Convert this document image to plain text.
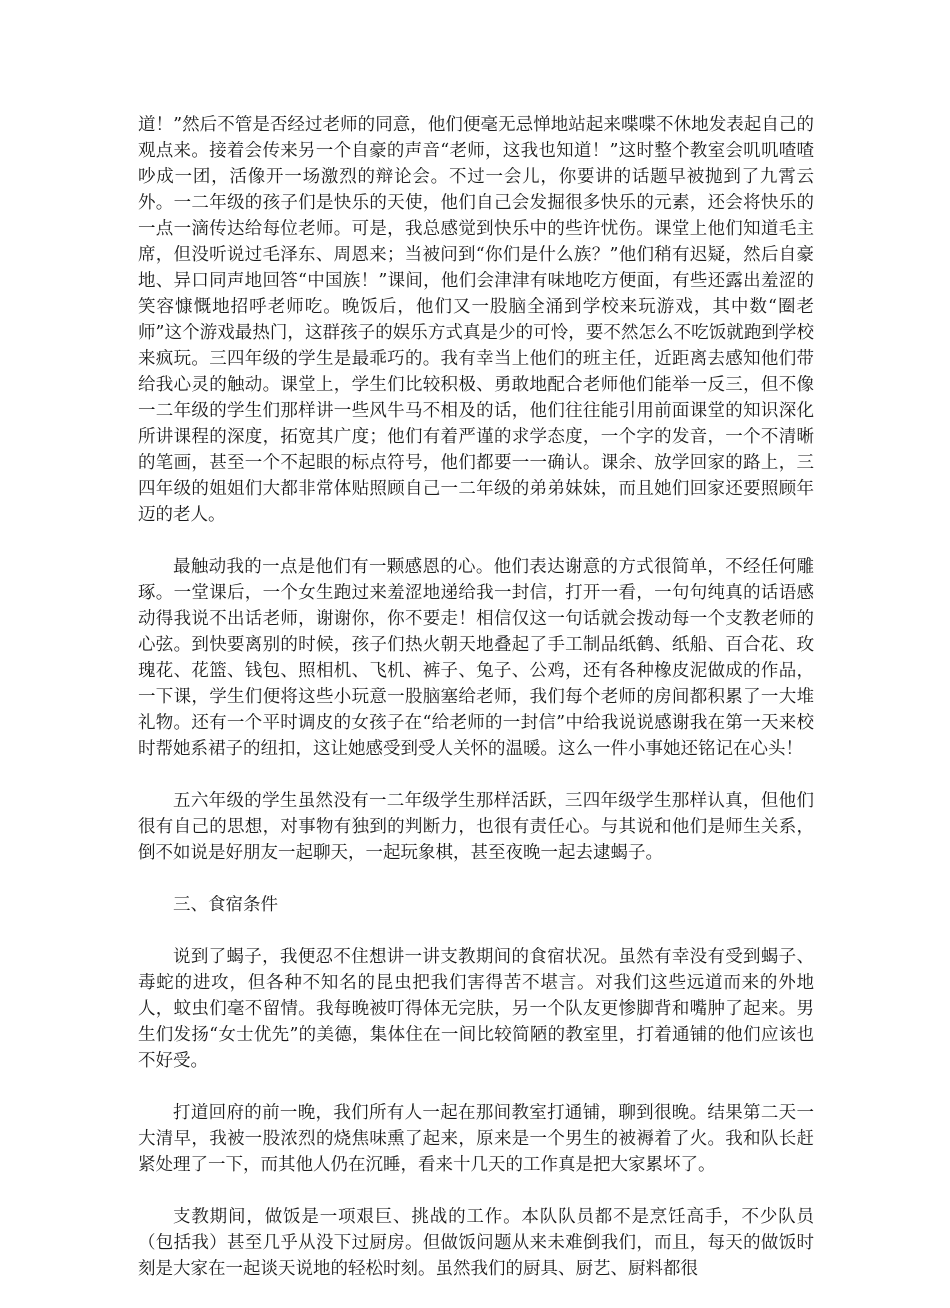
道！”然后不管是否经过老师的同意，他们便毫无忌惮地站起来喋喋不休地发表起自己的观点来。接着会传来另一个自豪的声音“老师，这我也知道！”这时整个教室会叽叽喳喳吵成一团，活像开一场激烈的辩论会。不过一会儿，你要讲的话题早被抛到了九霄云外。一二年级的孩子们是快乐的天使，他们自己会发掘很多快乐的元素，还会将快乐的一点一滴传达给每位老师。可是，我总感觉到快乐中的些许忧伤。课堂上他们知道毛主席，但没听说过毛泽东、周恩来；当被问到“你们是什么族？”他们稍有迟疑，然后自豪地、异口同声地回答“中国族！”课间，他们会津津有味地吃方便面，有些还露出羞涩的笑容慷慨地招呼老师吃。晚饭后，他们又一股脑全涌到学校来玩游戏，其中数“圈老师”这个游戏最热门，这群孩子的娱乐方式真是少的可怜，要不然怎么不吃饭就跑到学校来疯玩。三四年级的学生是最乖巧的。我有幸当上他们的班主任，近距离去感知他们带给我心灵的触动。课堂上，学生们比较积极、勇敢地配合老师他们能举一反三，但不像一二年级的学生们那样讲一些风牛马不相及的话，他们往往能引用前面课堂的知识深化所讲课程的深度，拓宽其广度；他们有着严谨的求学态度，一个字的发音，一个不清晰的笔画，甚至一个不起眼的标点符号，他们都要一一确认。课余、放学回家的路上，三四年级的姐姐们大都非常体贴照顾自己一二年级的弟弟妹妹，而且她们回家还要照顾年迈的老人。

最触动我的一点是他们有一颗感恩的心。他们表达谢意的方式很简单，不经任何雕琢。一堂课后，一个女生跑过来羞涩地递给我一封信，打开一看，一句句纯真的话语感动得我说不出话老师，谢谢你，你不要走！相信仅这一句话就会拨动每一个支教老师的心弦。到快要离别的时候，孩子们热火朝天地叠起了手工制品纸鹤、纸船、百合花、玫瑰花、花篮、钱包、照相机、飞机、裤子、兔子、公鸡，还有各种橡皮泥做成的作品，一下课，学生们便将这些小玩意一股脑塞给老师，我们每个老师的房间都积累了一大堆礼物。还有一个平时调皮的女孩子在“给老师的一封信”中给我说说感谢我在第一天来校时帮她系裙子的纽扣，这让她感受到受人关怀的温暖。这么一件小事她还铭记在心头！

五六年级的学生虽然没有一二年级学生那样活跃，三四年级学生那样认真，但他们很有自己的思想，对事物有独到的判断力，也很有责任心。与其说和他们是师生关系，倒不如说是好朋友一起聊天，一起玩象棋，甚至夜晚一起去逮蝎子。

三、食宿条件

说到了蝎子，我便忍不住想讲一讲支教期间的食宿状况。虽然有幸没有受到蝎子、毒蛇的进攻，但各种不知名的昆虫把我们害得苦不堪言。对我们这些远道而来的外地人，蚊虫们毫不留情。我每晚被叮得体无完肤，另一个队友更惨脚背和嘴肿了起来。男生们发扬“女士优先”的美德，集体住在一间比较简陋的教室里，打着通铺的他们应该也不好受。

打道回府的前一晚，我们所有人一起在那间教室打通铺，聊到很晚。结果第二天一大清早，我被一股浓烈的烧焦味熏了起来，原来是一个男生的被褥着了火。我和队长赶紧处理了一下，而其他人仍在沉睡，看来十几天的工作真是把大家累坏了。

支教期间，做饭是一项艰巨、挑战的工作。本队队员都不是烹饪高手，不少队员（包括我）甚至几乎从没下过厨房。但做饭问题从来未难倒我们，而且，每天的做饭时刻是大家在一起谈天说地的轻松时刻。虽然我们的厨具、厨艺、厨料都很
